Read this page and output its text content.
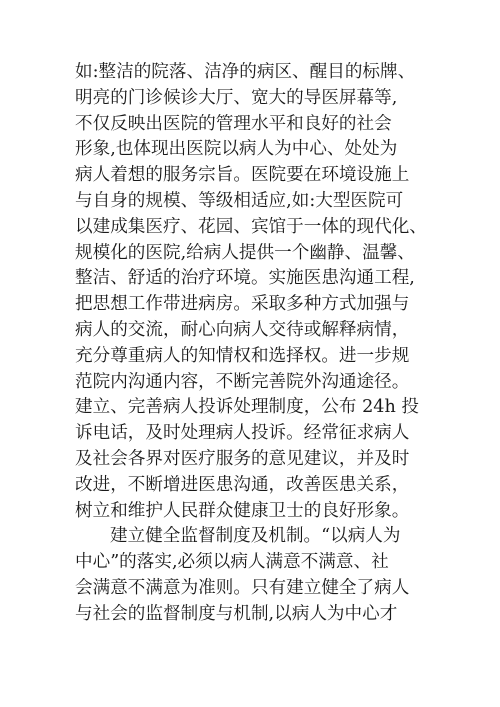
如:整洁的院落、洁净的病区、醒目的标牌、
明亮的门诊候诊大厅、宽大的导医屏幕等,
不仅反映出医院的管理水平和良好的社会
形象,也体现出医院以病人为中心、处处为
病人着想的服务宗旨。医院要在环境设施上
与自身的规模、等级相适应,如:大型医院可
以建成集医疗、花园、宾馆于一体的现代化、
规模化的医院,给病人提供一个幽静、温馨、
整洁、舒适的治疗环境。实施医患沟通工程,
把思想工作带进病房。采取多种方式加强与
病人的交流，耐心向病人交待或解释病情，
充分尊重病人的知情权和选择权。进一步规
范院内沟通内容，不断完善院外沟通途径。
建立、完善病人投诉处理制度，公布 24h 投
诉电话，及时处理病人投诉。经常征求病人
及社会各界对医疗服务的意见建议，并及时
改进，不断增进医患沟通，改善医患关系，
树立和维护人民群众健康卫士的良好形象。
建立健全监督制度及机制。“以病人为
中心”的落实,必须以病人满意不满意、社
会满意不满意为准则。只有建立健全了病人
与社会的监督制度与机制,以病人为中心才
